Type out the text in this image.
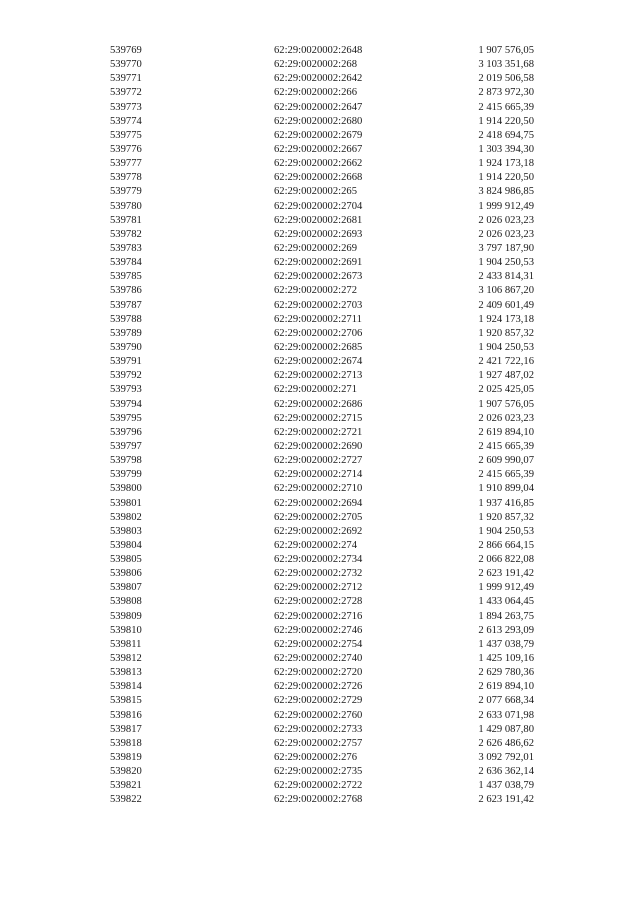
539769	62:29:0020002:2648	1 907 576,05
539770	62:29:0020002:268	3 103 351,68
539771	62:29:0020002:2642	2 019 506,58
539772	62:29:0020002:266	2 873 972,30
539773	62:29:0020002:2647	2 415 665,39
539774	62:29:0020002:2680	1 914 220,50
539775	62:29:0020002:2679	2 418 694,75
539776	62:29:0020002:2667	1 303 394,30
539777	62:29:0020002:2662	1 924 173,18
539778	62:29:0020002:2668	1 914 220,50
539779	62:29:0020002:265	3 824 986,85
539780	62:29:0020002:2704	1 999 912,49
539781	62:29:0020002:2681	2 026 023,23
539782	62:29:0020002:2693	2 026 023,23
539783	62:29:0020002:269	3 797 187,90
539784	62:29:0020002:2691	1 904 250,53
539785	62:29:0020002:2673	2 433 814,31
539786	62:29:0020002:272	3 106 867,20
539787	62:29:0020002:2703	2 409 601,49
539788	62:29:0020002:2711	1 924 173,18
539789	62:29:0020002:2706	1 920 857,32
539790	62:29:0020002:2685	1 904 250,53
539791	62:29:0020002:2674	2 421 722,16
539792	62:29:0020002:2713	1 927 487,02
539793	62:29:0020002:271	2 025 425,05
539794	62:29:0020002:2686	1 907 576,05
539795	62:29:0020002:2715	2 026 023,23
539796	62:29:0020002:2721	2 619 894,10
539797	62:29:0020002:2690	2 415 665,39
539798	62:29:0020002:2727	2 609 990,07
539799	62:29:0020002:2714	2 415 665,39
539800	62:29:0020002:2710	1 910 899,04
539801	62:29:0020002:2694	1 937 416,85
539802	62:29:0020002:2705	1 920 857,32
539803	62:29:0020002:2692	1 904 250,53
539804	62:29:0020002:274	2 866 664,15
539805	62:29:0020002:2734	2 066 822,08
539806	62:29:0020002:2732	2 623 191,42
539807	62:29:0020002:2712	1 999 912,49
539808	62:29:0020002:2728	1 433 064,45
539809	62:29:0020002:2716	1 894 263,75
539810	62:29:0020002:2746	2 613 293,09
539811	62:29:0020002:2754	1 437 038,79
539812	62:29:0020002:2740	1 425 109,16
539813	62:29:0020002:2720	2 629 780,36
539814	62:29:0020002:2726	2 619 894,10
539815	62:29:0020002:2729	2 077 668,34
539816	62:29:0020002:2760	2 633 071,98
539817	62:29:0020002:2733	1 429 087,80
539818	62:29:0020002:2757	2 626 486,62
539819	62:29:0020002:276	3 092 792,01
539820	62:29:0020002:2735	2 636 362,14
539821	62:29:0020002:2722	1 437 038,79
539822	62:29:0020002:2768	2 623 191,42
